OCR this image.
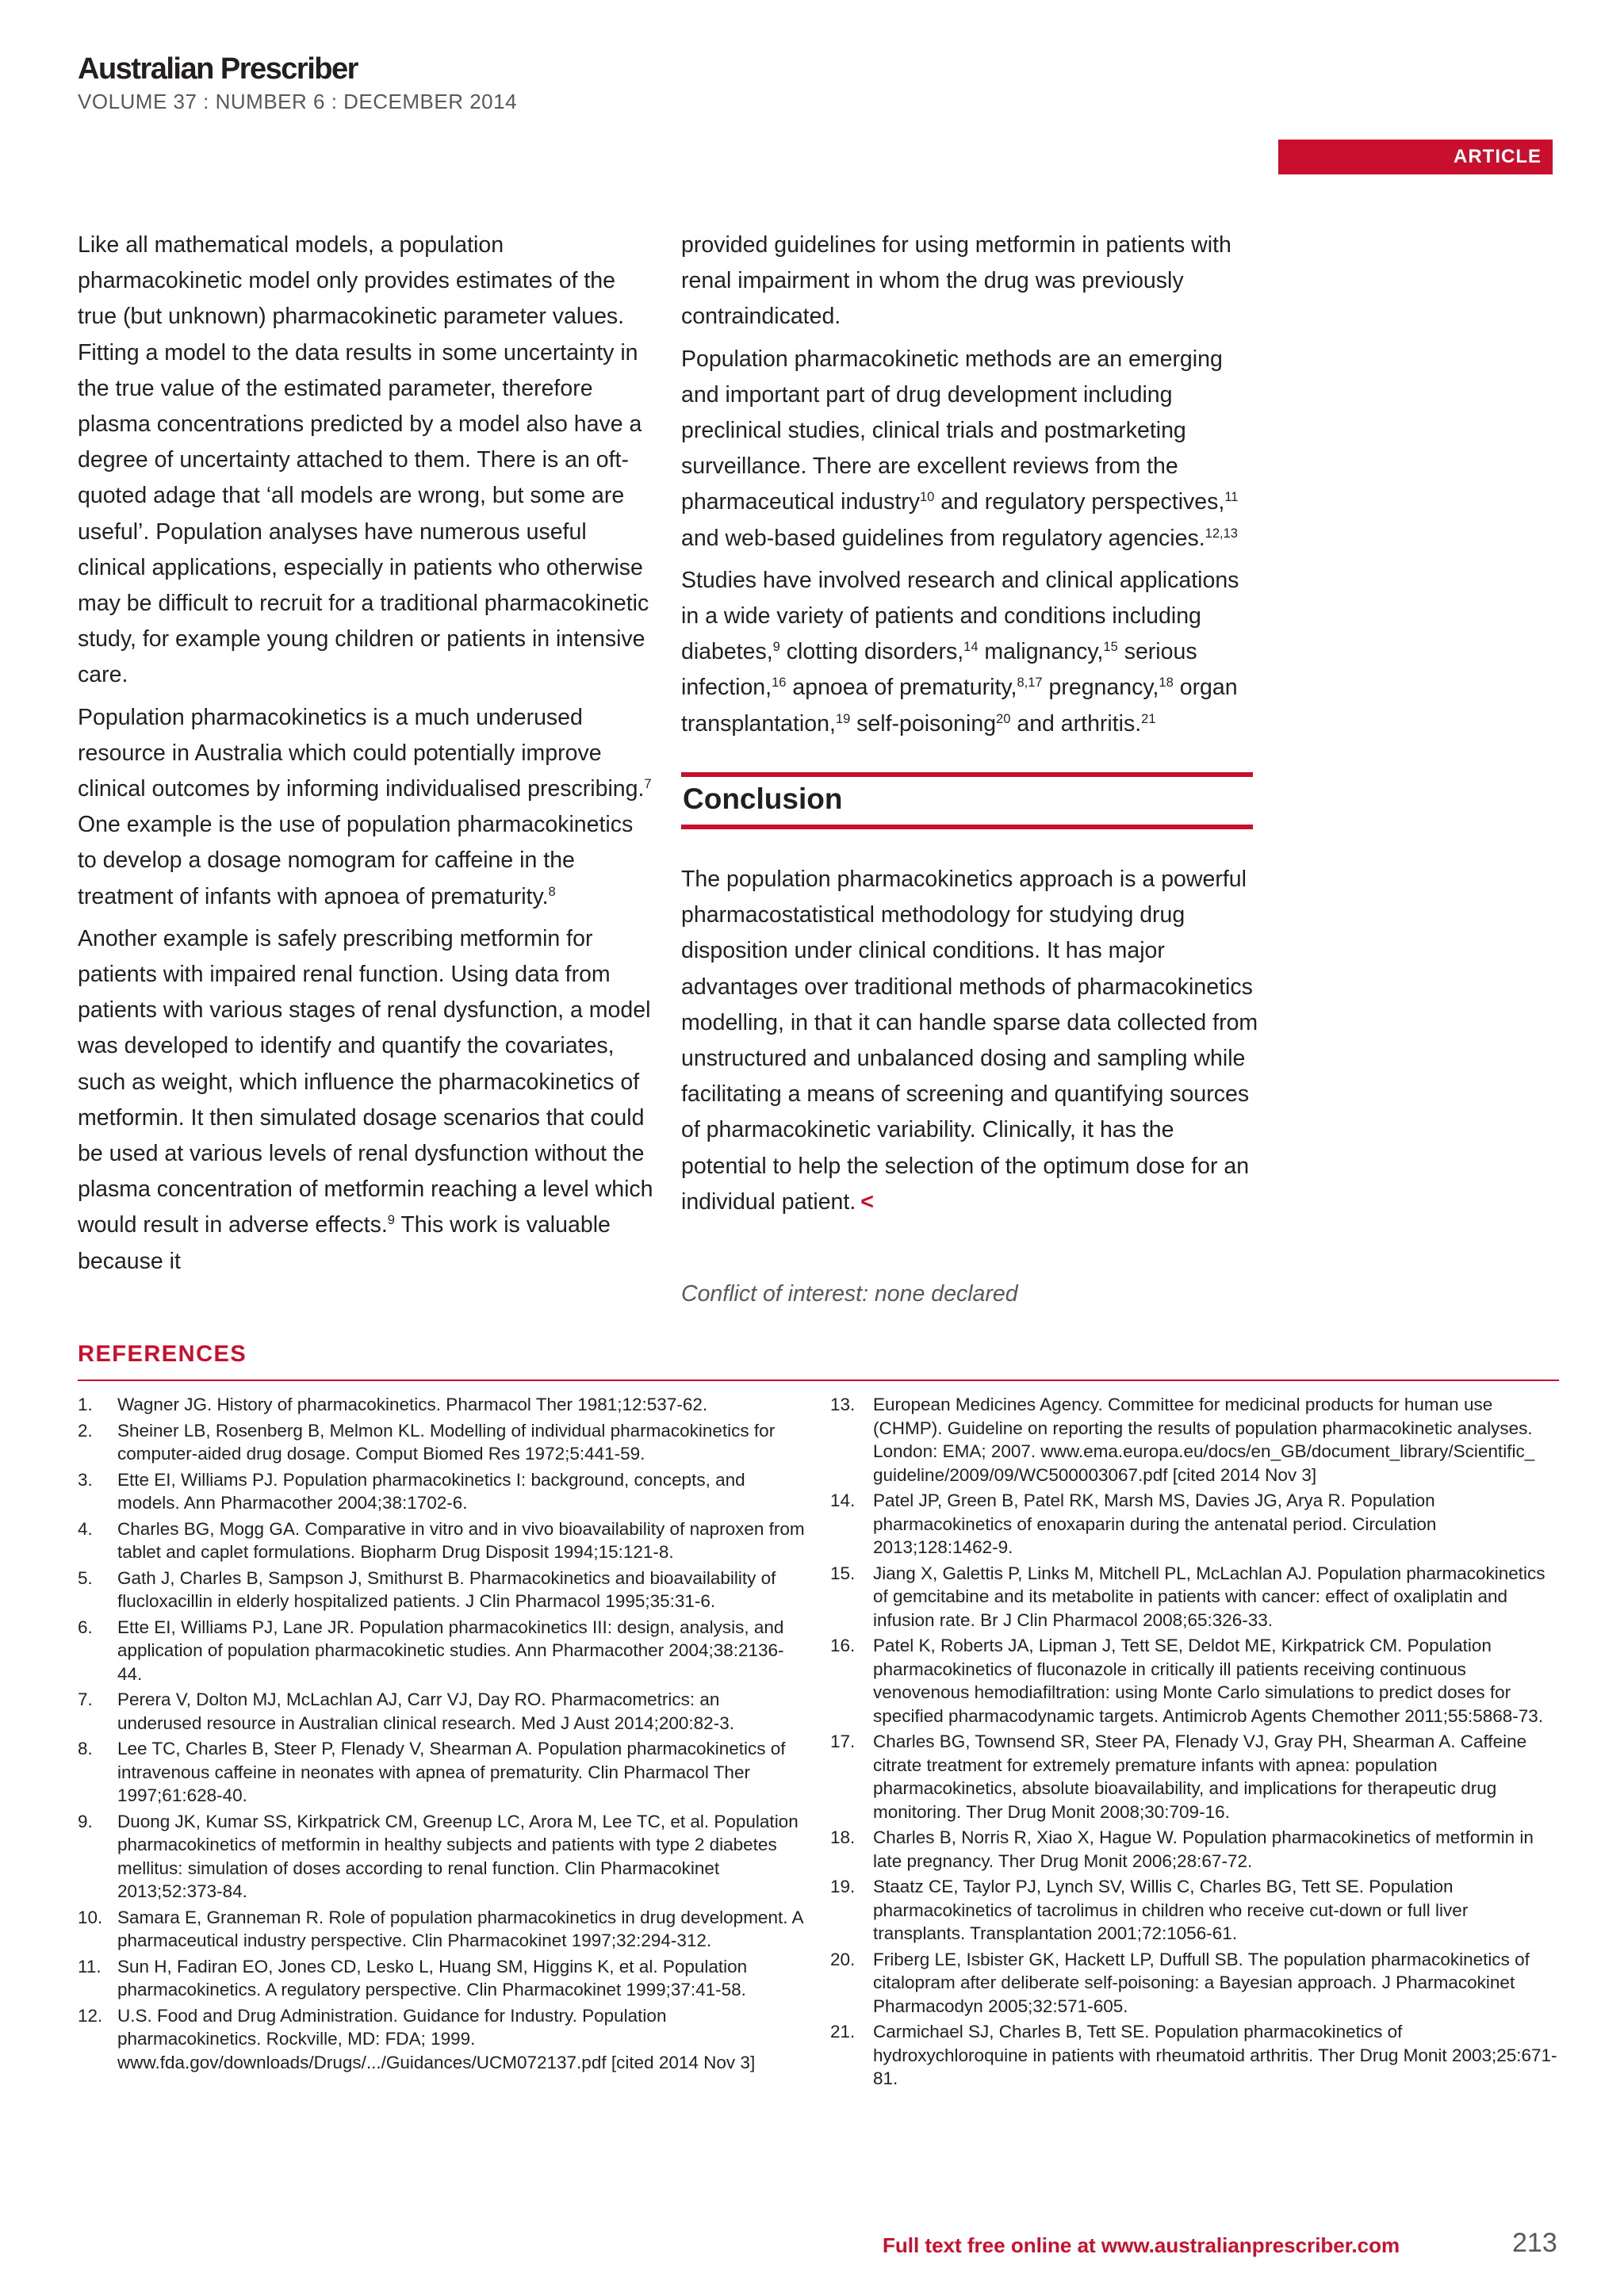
Australian Prescriber
VOLUME 37 : NUMBER 6 : DECEMBER 2014
ARTICLE

Like all mathematical models, a population pharmacokinetic model only provides estimates of the true (but unknown) pharmacokinetic parameter values. Fitting a model to the data results in some uncertainty in the true value of the estimated parameter, therefore plasma concentrations predicted by a model also have a degree of uncertainty attached to them. There is an oft-quoted adage that ‘all models are wrong, but some are useful’. Population analyses have numerous useful clinical applications, especially in patients who otherwise may be difficult to recruit for a traditional pharmacokinetic study, for example young children or patients in intensive care.

Population pharmacokinetics is a much underused resource in Australia which could potentially improve clinical outcomes by informing individualised prescribing.$^7$ One example is the use of population pharmacokinetics to develop a dosage nomogram for caffeine in the treatment of infants with apnoea of prematurity.$^8$

Another example is safely prescribing metformin for patients with impaired renal function. Using data from patients with various stages of renal dysfunction, a model was developed to identify and quantify the covariates, such as weight, which influence the pharmacokinetics of metformin. It then simulated dosage scenarios that could be used at various levels of renal dysfunction without the plasma concentration of metformin reaching a level which would result in adverse effects.$^9$ This work is valuable because it

provided guidelines for using metformin in patients with renal impairment in whom the drug was previously contraindicated.

Population pharmacokinetic methods are an emerging and important part of drug development including preclinical studies, clinical trials and postmarketing surveillance. There are excellent reviews from the pharmaceutical industry$^{10}$ and regulatory perspectives,$^{11}$ and web-based guidelines from regulatory agencies.$^{12,13}$

Studies have involved research and clinical applications in a wide variety of patients and conditions including diabetes,$^9$ clotting disorders,$^{14}$ malignancy,$^{15}$ serious infection,$^{16}$ apnoea of prematurity,$^{8,17}$ pregnancy,$^{18}$ organ transplantation,$^{19}$ self-poisoning$^{20}$ and arthritis.$^{21}$

Conclusion

The population pharmacokinetics approach is a powerful pharmacostatistical methodology for studying drug disposition under clinical conditions. It has major advantages over traditional methods of pharmacokinetics modelling, in that it can handle sparse data collected from unstructured and unbalanced dosing and sampling while facilitating a means of screening and quantifying sources of pharmacokinetic variability. Clinically, it has the potential to help the selection of the optimum dose for an individual patient. <

Conflict of interest: none declared
REFERENCES
1. Wagner JG. History of pharmacokinetics. Pharmacol Ther 1981;12:537-62.
2. Sheiner LB, Rosenberg B, Melmon KL. Modelling of individual pharmacokinetics for computer-aided drug dosage. Comput Biomed Res 1972;5:441-59.
3. Ette EI, Williams PJ. Population pharmacokinetics I: background, concepts, and models. Ann Pharmacother 2004;38:1702-6.
4. Charles BG, Mogg GA. Comparative in vitro and in vivo bioavailability of naproxen from tablet and caplet formulations. Biopharm Drug Disposit 1994;15:121-8.
5. Gath J, Charles B, Sampson J, Smithurst B. Pharmacokinetics and bioavailability of flucloxacillin in elderly hospitalized patients. J Clin Pharmacol 1995;35:31-6.
6. Ette EI, Williams PJ, Lane JR. Population pharmacokinetics III: design, analysis, and application of population pharmacokinetic studies. Ann Pharmacother 2004;38:2136-44.
7. Perera V, Dolton MJ, McLachlan AJ, Carr VJ, Day RO. Pharmacometrics: an underused resource in Australian clinical research. Med J Aust 2014;200:82-3.
8. Lee TC, Charles B, Steer P, Flenady V, Shearman A. Population pharmacokinetics of intravenous caffeine in neonates with apnea of prematurity. Clin Pharmacol Ther 1997;61:628-40.
9. Duong JK, Kumar SS, Kirkpatrick CM, Greenup LC, Arora M, Lee TC, et al. Population pharmacokinetics of metformin in healthy subjects and patients with type 2 diabetes mellitus: simulation of doses according to renal function. Clin Pharmacokinet 2013;52:373-84.
10. Samara E, Granneman R. Role of population pharmacokinetics in drug development. A pharmaceutical industry perspective. Clin Pharmacokinet 1997;32:294-312.
11. Sun H, Fadiran EO, Jones CD, Lesko L, Huang SM, Higgins K, et al. Population pharmacokinetics. A regulatory perspective. Clin Pharmacokinet 1999;37:41-58.
12. U.S. Food and Drug Administration. Guidance for Industry. Population pharmacokinetics. Rockville, MD: FDA; 1999. www.fda.gov/downloads/Drugs/.../Guidances/UCM072137.pdf [cited 2014 Nov 3]
13. European Medicines Agency. Committee for medicinal products for human use (CHMP). Guideline on reporting the results of population pharmacokinetic analyses. London: EMA; 2007. www.ema.europa.eu/docs/en_GB/document_library/Scientific_ guideline/2009/09/WC500003067.pdf [cited 2014 Nov 3]
14. Patel JP, Green B, Patel RK, Marsh MS, Davies JG, Arya R. Population pharmacokinetics of enoxaparin during the antenatal period. Circulation 2013;128:1462-9.
15. Jiang X, Galettis P, Links M, Mitchell PL, McLachlan AJ. Population pharmacokinetics of gemcitabine and its metabolite in patients with cancer: effect of oxaliplatin and infusion rate. Br J Clin Pharmacol 2008;65:326-33.
16. Patel K, Roberts JA, Lipman J, Tett SE, Deldot ME, Kirkpatrick CM. Population pharmacokinetics of fluconazole in critically ill patients receiving continuous venovenous hemodiafiltration: using Monte Carlo simulations to predict doses for specified pharmacodynamic targets. Antimicrob Agents Chemother 2011;55:5868-73.
17. Charles BG, Townsend SR, Steer PA, Flenady VJ, Gray PH, Shearman A. Caffeine citrate treatment for extremely premature infants with apnea: population pharmacokinetics, absolute bioavailability, and implications for therapeutic drug monitoring. Ther Drug Monit 2008;30:709-16.
18. Charles B, Norris R, Xiao X, Hague W. Population pharmacokinetics of metformin in late pregnancy. Ther Drug Monit 2006;28:67-72.
19. Staatz CE, Taylor PJ, Lynch SV, Willis C, Charles BG, Tett SE. Population pharmacokinetics of tacrolimus in children who receive cut-down or full liver transplants. Transplantation 2001;72:1056-61.
20. Friberg LE, Isbister GK, Hackett LP, Duffull SB. The population pharmacokinetics of citalopram after deliberate self-poisoning: a Bayesian approach. J Pharmacokinet Pharmacodyn 2005;32:571-605.
21. Carmichael SJ, Charles B, Tett SE. Population pharmacokinetics of hydroxychloroquine in patients with rheumatoid arthritis. Ther Drug Monit 2003;25:671-81.
Full text free online at www.australianprescriber.com	213
